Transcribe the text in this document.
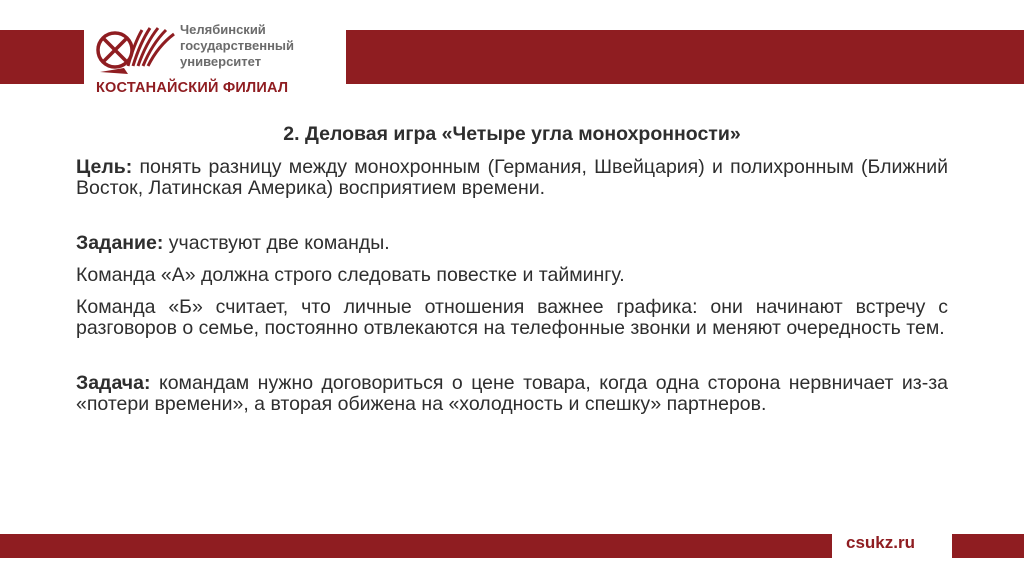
Челябинский
государственный
университет
КОСТАНАЙСКИЙ ФИЛИАЛ

2. Деловая игра «Четыре угла монохронности»

Цель: понять разницу между монохронным (Германия, Швейцария) и полихронным (Ближний Восток, Латинская Америка) восприятием времени.

Задание: участвуют две команды.

Команда «А» должна строго следовать повестке и таймингу.

Команда «Б» считает, что личные отношения важнее графика: они начинают встречу с разговоров о семье, постоянно отвлекаются на телефонные звонки и меняют очередность тем.

Задача: командам нужно договориться о цене товара, когда одна сторона нервничает из-за «потери времени», а вторая обижена на «холодность и спешку» партнеров.

csukz.ru
